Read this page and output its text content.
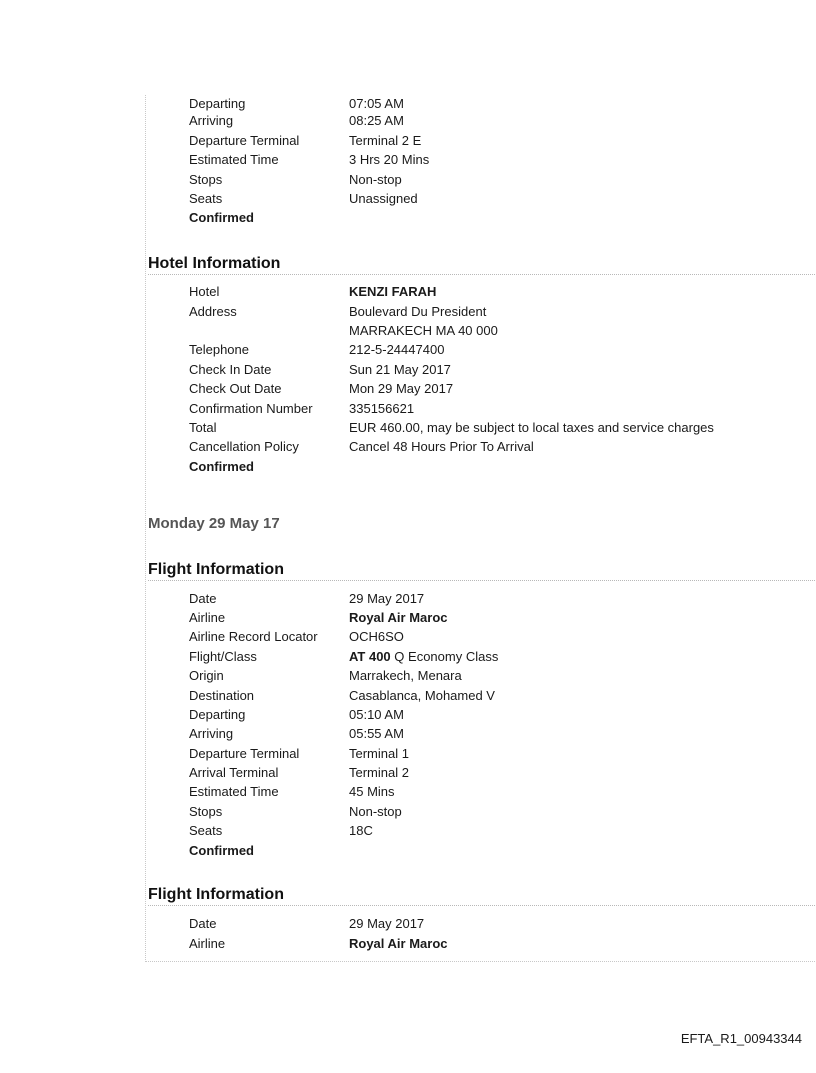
Departing	07:05 AM
Arriving	08:25 AM
Departure Terminal	Terminal 2 E
Estimated Time	3 Hrs 20 Mins
Stops	Non-stop
Seats	Unassigned
Confirmed
Hotel Information
Hotel	KENZI FARAH
Address	Boulevard Du President
MARRAKECH MA 40 000
Telephone	212-5-24447400
Check In Date	Sun 21 May 2017
Check Out Date	Mon 29 May 2017
Confirmation Number	335156621
Total	EUR 460.00, may be subject to local taxes and service charges
Cancellation Policy	Cancel 48 Hours Prior To Arrival
Confirmed
Monday 29 May 17
Flight Information
Date	29 May 2017
Airline	Royal Air Maroc
Airline Record Locator OCH6SO
Flight/Class	AT 400 Q Economy Class
Origin	Marrakech, Menara
Destination	Casablanca, Mohamed V
Departing	05:10 AM
Arriving	05:55 AM
Departure Terminal	Terminal 1
Arrival Terminal	Terminal 2
Estimated Time	45 Mins
Stops	Non-stop
Seats	18C
Confirmed
Flight Information
Date	29 May 2017
Airline	Royal Air Maroc
EFTA_R1_00943344
